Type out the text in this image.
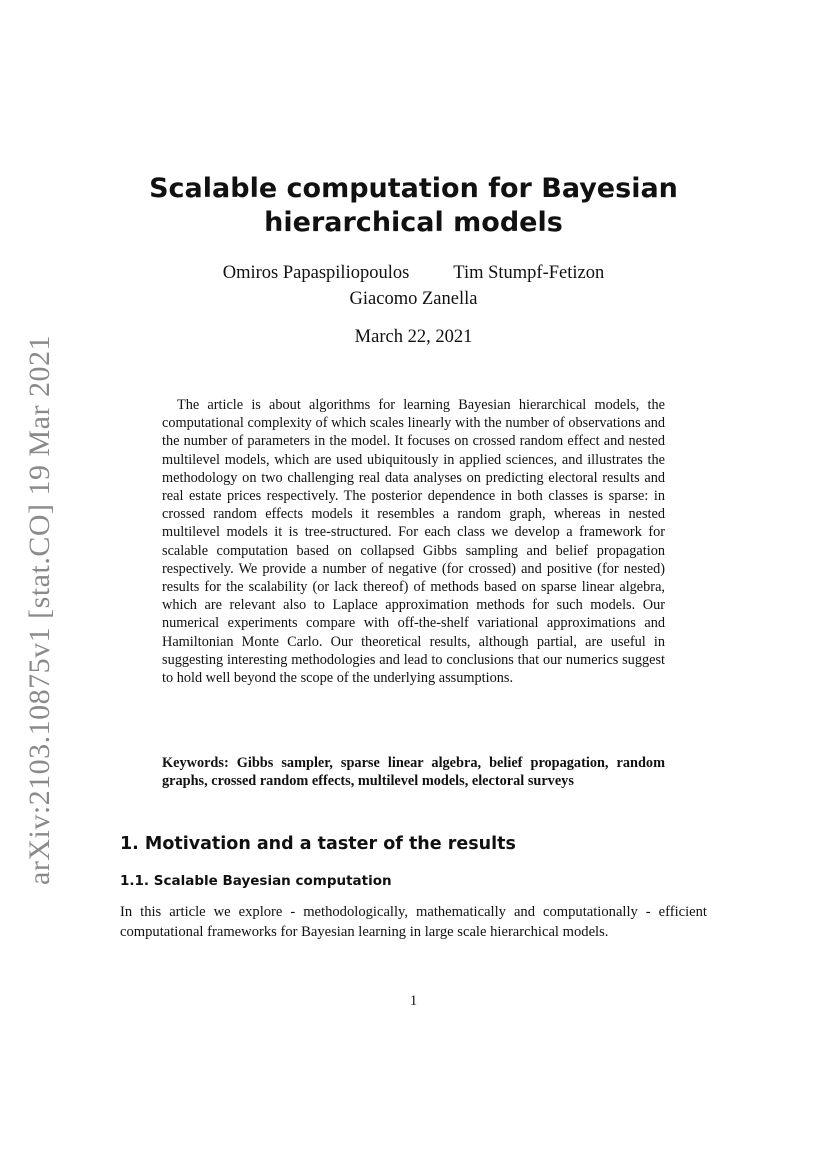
arXiv:2103.10875v1 [stat.CO] 19 Mar 2021
Scalable computation for Bayesian
hierarchical models
Omiros Papaspiliopoulos Tim Stumpf-Fetizon
Giacomo Zanella
March 22, 2021

The article is about algorithms for learning Bayesian hierarchical models, the computational complexity of which scales linearly with the number of observations and the number of parameters in the model. It focuses on crossed random effect and nested multilevel models, which are used ubiquitously in applied sciences, and illustrates the methodology on two challenging real data analyses on predicting electoral results and real estate prices respectively. The posterior dependence in both classes is sparse: in crossed random effects models it resembles a random graph, whereas in nested multilevel models it is tree-structured. For each class we develop a framework for scalable computation based on collapsed Gibbs sampling and belief propagation respectively. We provide a number of negative (for crossed) and positive (for nested) results for the scalability (or lack thereof) of methods based on sparse linear algebra, which are relevant also to Laplace approximation methods for such models. Our numerical experiments compare with off-the-shelf variational approximations and Hamiltonian Monte Carlo. Our theoretical results, although partial, are useful in suggesting interesting methodologies and lead to conclusions that our numerics suggest to hold well beyond the scope of the underlying assumptions.

Keywords: Gibbs sampler, sparse linear algebra, belief propagation, random graphs, crossed random effects, multilevel models, electoral surveys

1. Motivation and a taster of the results
1.1. Scalable Bayesian computation

In this article we explore - methodologically, mathematically and computationally - efficient computational frameworks for Bayesian learning in large scale hierarchical models.

1
